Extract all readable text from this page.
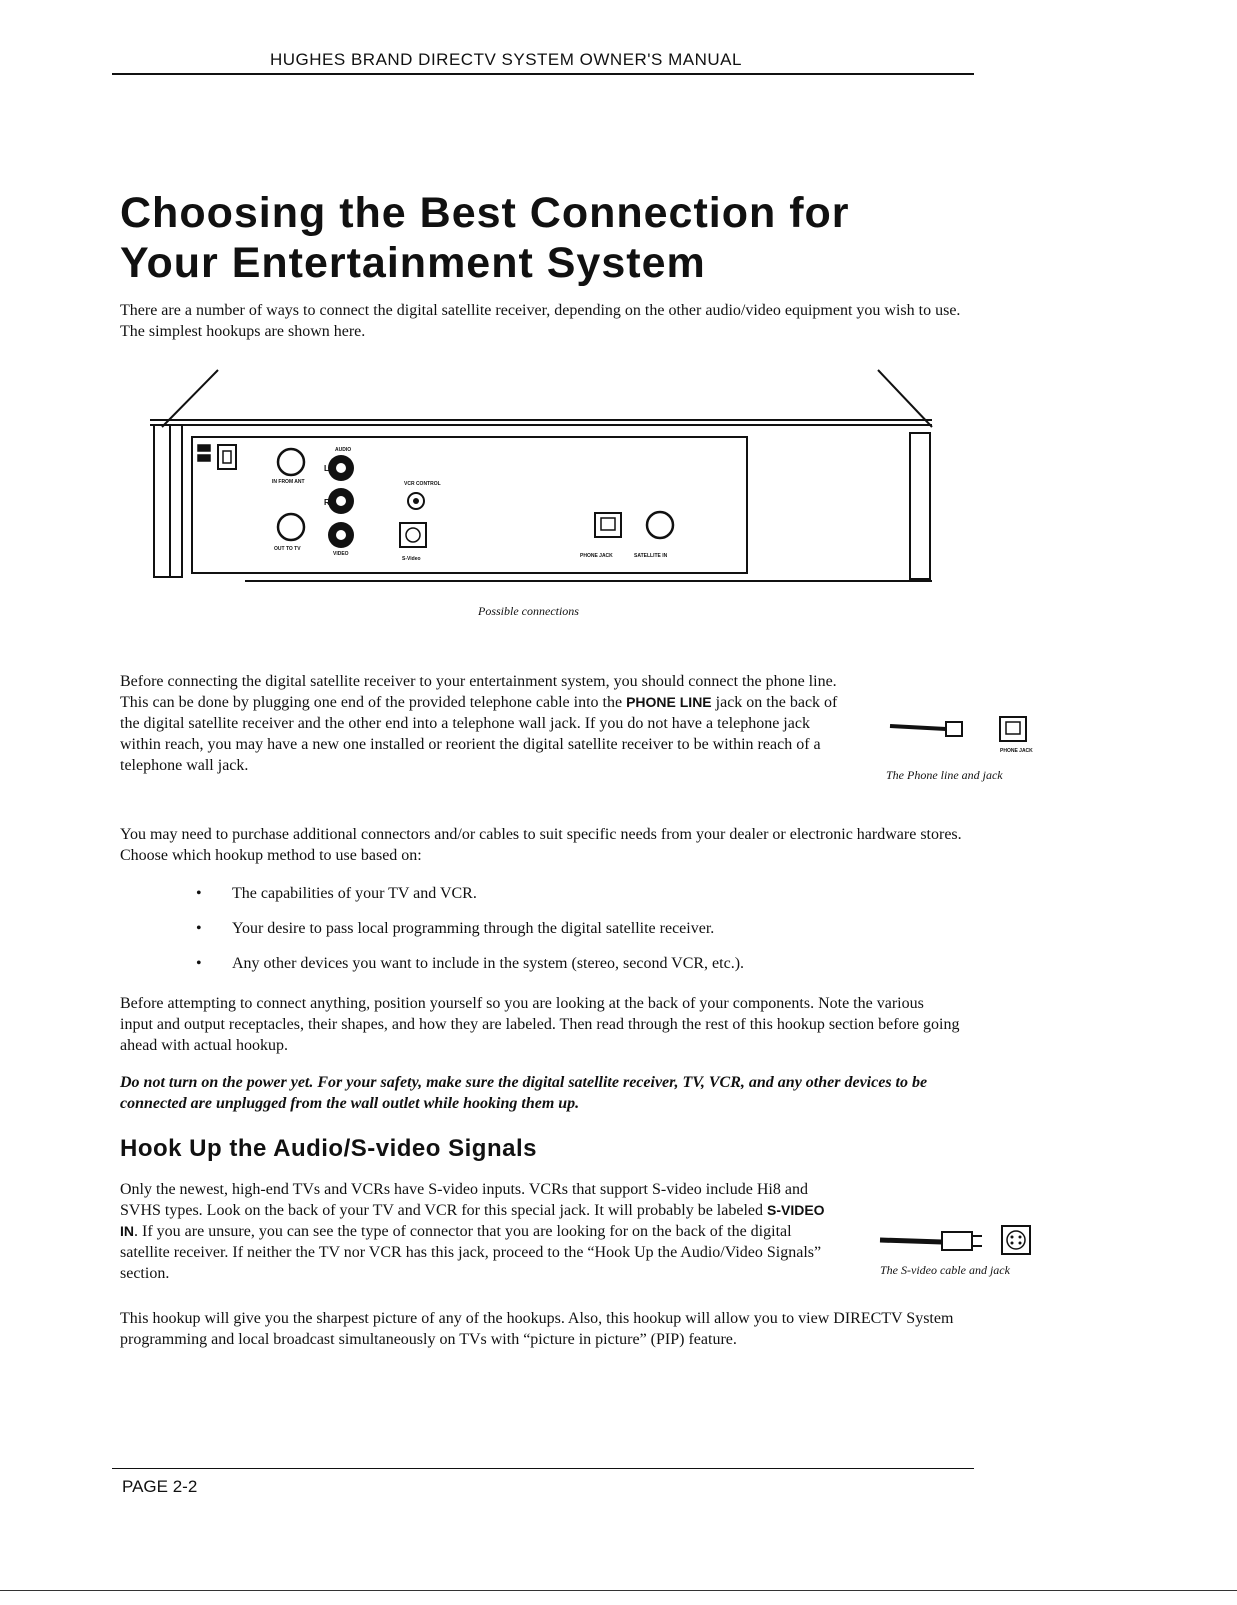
HUGHES BRAND DIRECTV SYSTEM OWNER'S MANUAL
Choosing the Best Connection for
Your Entertainment System

There are a number of ways to connect the digital satellite receiver, depending on the other audio/video equipment you wish to use. The simplest hookups are shown here.

IN FROM ANT
OUT TO TV
AUDIO
L
R
VIDEO
VCR CONTROL
S-Video	PHONE JACK	SATELLITE IN
Possible connections

Before connecting the digital satellite receiver to your entertainment system, you should connect the phone line. This can be done by plugging one end of the provided telephone cable into the PHONE LINE jack on the back of the digital satellite receiver and the other end into a telephone wall jack. If you do not have a telephone jack within reach, you may have a new one installed or reorient the digital satellite receiver to be within reach of a telephone wall jack.

PHONE JACK
The Phone line and jack

You may need to purchase additional connectors and/or cables to suit specific needs from your dealer or electronic hardware stores. Choose which hookup method to use based on:

• The capabilities of your TV and VCR.
• Your desire to pass local programming through the digital satellite receiver.
• Any other devices you want to include in the system (stereo, second VCR, etc.).

Before attempting to connect anything, position yourself so you are looking at the back of your components. Note the various input and output receptacles, their shapes, and how they are labeled. Then read through the rest of this hookup section before going ahead with actual hookup.

Do not turn on the power yet. For your safety, make sure the digital satellite receiver, TV, VCR, and any other devices to be connected are unplugged from the wall outlet while hooking them up.

Hook Up the Audio/S-video Signals

Only the newest, high-end TVs and VCRs have S-video inputs. VCRs that support S-video include Hi8 and SVHS types. Look on the back of your TV and VCR for this special jack. It will probably be labeled S-VIDEO IN. If you are unsure, you can see the type of connector that you are looking for on the back of the digital satellite receiver. If neither the TV nor VCR has this jack, proceed to the “Hook Up the Audio/Video Signals” section.	The S-video cable and jack

This hookup will give you the sharpest picture of any of the hookups. Also, this hookup will allow you to view DIRECTV System programming and local broadcast simultaneously on TVs with “picture in picture” (PIP) feature.

PAGE 2-2
